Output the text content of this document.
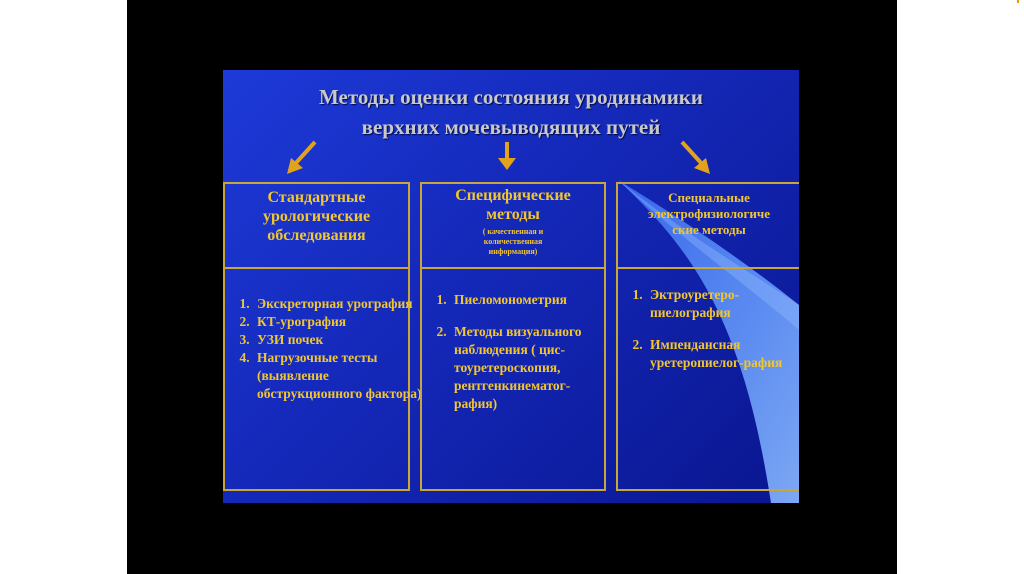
Методы оценки состояния уродинамики
верхних мочевыводящих путей
Стандартные
урологические
обследования
1. Экскреторная урография
2. КТ-урография
3. УЗИ почек
4. Нагрузочные тесты (выявление обструкционного фактора)
Специфические
методы
( качественная и
количественная
информация)
1. Пиеломонометрия
2. Методы визуального наблюдения ( цис-тоуретероскопия, рентгенкинематог-рафия)
Специальные
электрофизиологиче
ские методы
1. Эктроуретеро-пиелография
2. Импендансная уретеропиелог-рафия
